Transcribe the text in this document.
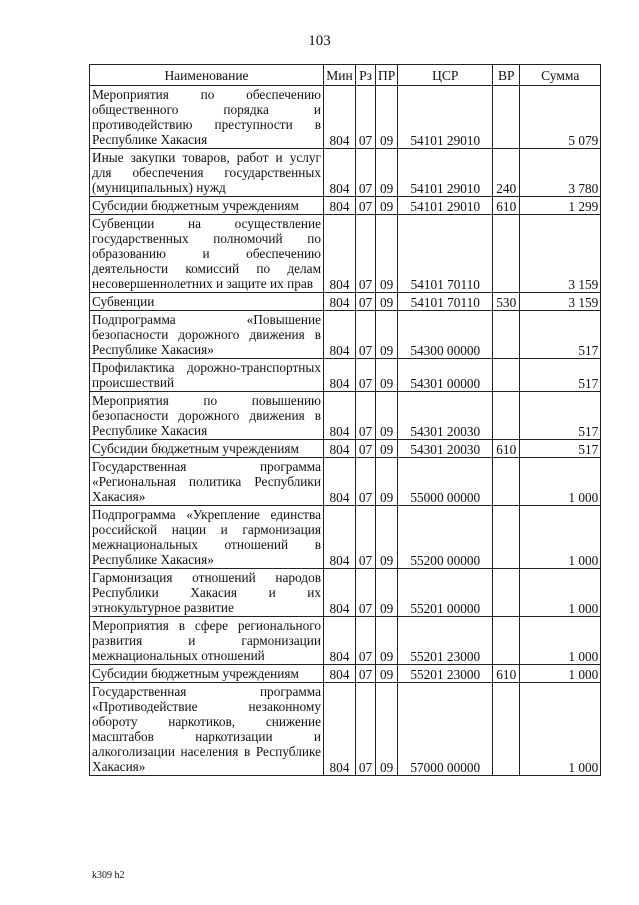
103
Наименование	Мин	Рз	ПР	ЦСР	ВР	Сумма
Мероприятия по обеспечению общественного порядка и противодействию преступности в Республике Хакасия	804	07	09	54101 29010		5 079
Иные закупки товаров, работ и услуг для обеспечения государственных (муниципальных) нужд	804	07	09	54101 29010	240	3 780
Субсидии бюджетным учреждениям	804	07	09	54101 29010	610	1 299
Субвенции на осуществление государственных полномочий по образованию и обеспечению деятельности комиссий по делам несовершеннолетних и защите их прав	804	07	09	54101 70110		3 159
Субвенции	804	07	09	54101 70110	530	3 159
Подпрограмма «Повышение безопасности дорожного движения в Республике Хакасия»	804	07	09	54300 00000		517
Профилактика дорожно-транспортных происшествий	804	07	09	54301 00000		517
Мероприятия по повышению безопасности дорожного движения в Республике Хакасия	804	07	09	54301 20030		517
Субсидии бюджетным учреждениям	804	07	09	54301 20030	610	517
Государственная программа «Региональная политика Республики Хакасия»	804	07	09	55000 00000		1 000
Подпрограмма «Укрепление единства российской нации и гармонизация межнациональных отношений в Республике Хакасия»	804	07	09	55200 00000		1 000
Гармонизация отношений народов Республики Хакасия и их этнокультурное развитие	804	07	09	55201 00000		1 000
Мероприятия в сфере регионального развития и гармонизации межнациональных отношений	804	07	09	55201 23000		1 000
Субсидии бюджетным учреждениям	804	07	09	55201 23000	610	1 000
Государственная программа «Противодействие незаконному обороту наркотиков, снижение масштабов наркотизации и алкоголизации населения в Республике Хакасия»	804	07	09	57000 00000		1 000
k309 h2
